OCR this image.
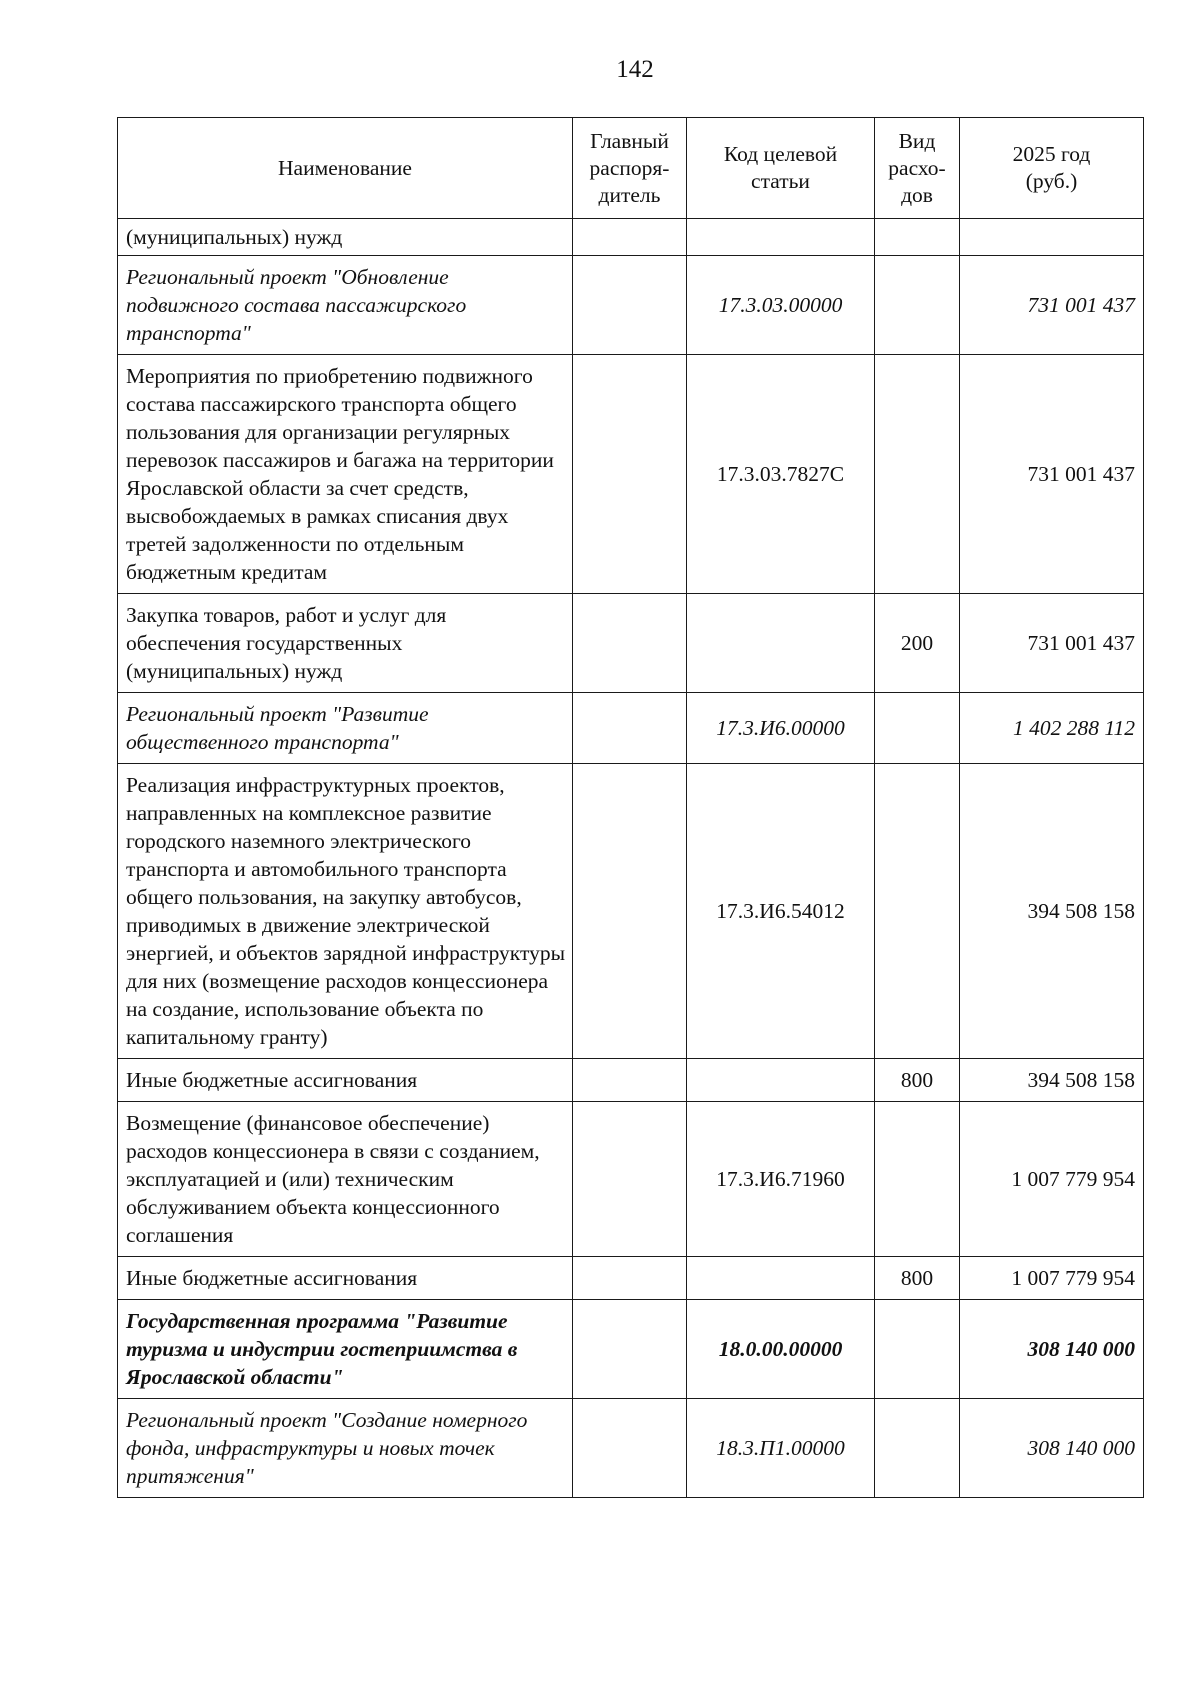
142
Наименование	Главный распоря-дитель	Код целевой статьи	Вид расхо-дов	2025 год (руб.)
(муниципальных) нужд				
Региональный проект "Обновление подвижного состава пассажирского транспорта"		17.3.03.00000		731 001 437
Мероприятия по приобретению подвижного состава пассажирского транспорта общего пользования для организации регулярных перевозок пассажиров и багажа на территории Ярославской области за счет средств, высвобождаемых в рамках списания двух третей задолженности по отдельным бюджетным кредитам		17.3.03.7827С		731 001 437
Закупка товаров, работ и услуг для обеспечения государственных (муниципальных) нужд			200	731 001 437
Региональный проект "Развитие общественного транспорта"		17.3.И6.00000		1 402 288 112
Реализация инфраструктурных проектов, направленных на комплексное развитие городского наземного электрического транспорта и автомобильного транспорта общего пользования, на закупку автобусов, приводимых в движение электрической энергией, и объектов зарядной инфраструктуры для них (возмещение расходов концессионера на создание, использование объекта по капитальному гранту)		17.3.И6.54012		394 508 158
Иные бюджетные ассигнования			800	394 508 158
Возмещение (финансовое обеспечение) расходов концессионера в связи с созданием, эксплуатацией и (или) техническим обслуживанием объекта концессионного соглашения		17.3.И6.71960		1 007 779 954
Иные бюджетные ассигнования			800	1 007 779 954
Государственная программа "Развитие туризма и индустрии гостеприимства в Ярославской области"		18.0.00.00000		308 140 000
Региональный проект "Создание номерного фонда, инфраструктуры и новых точек притяжения"		18.3.П1.00000		308 140 000
